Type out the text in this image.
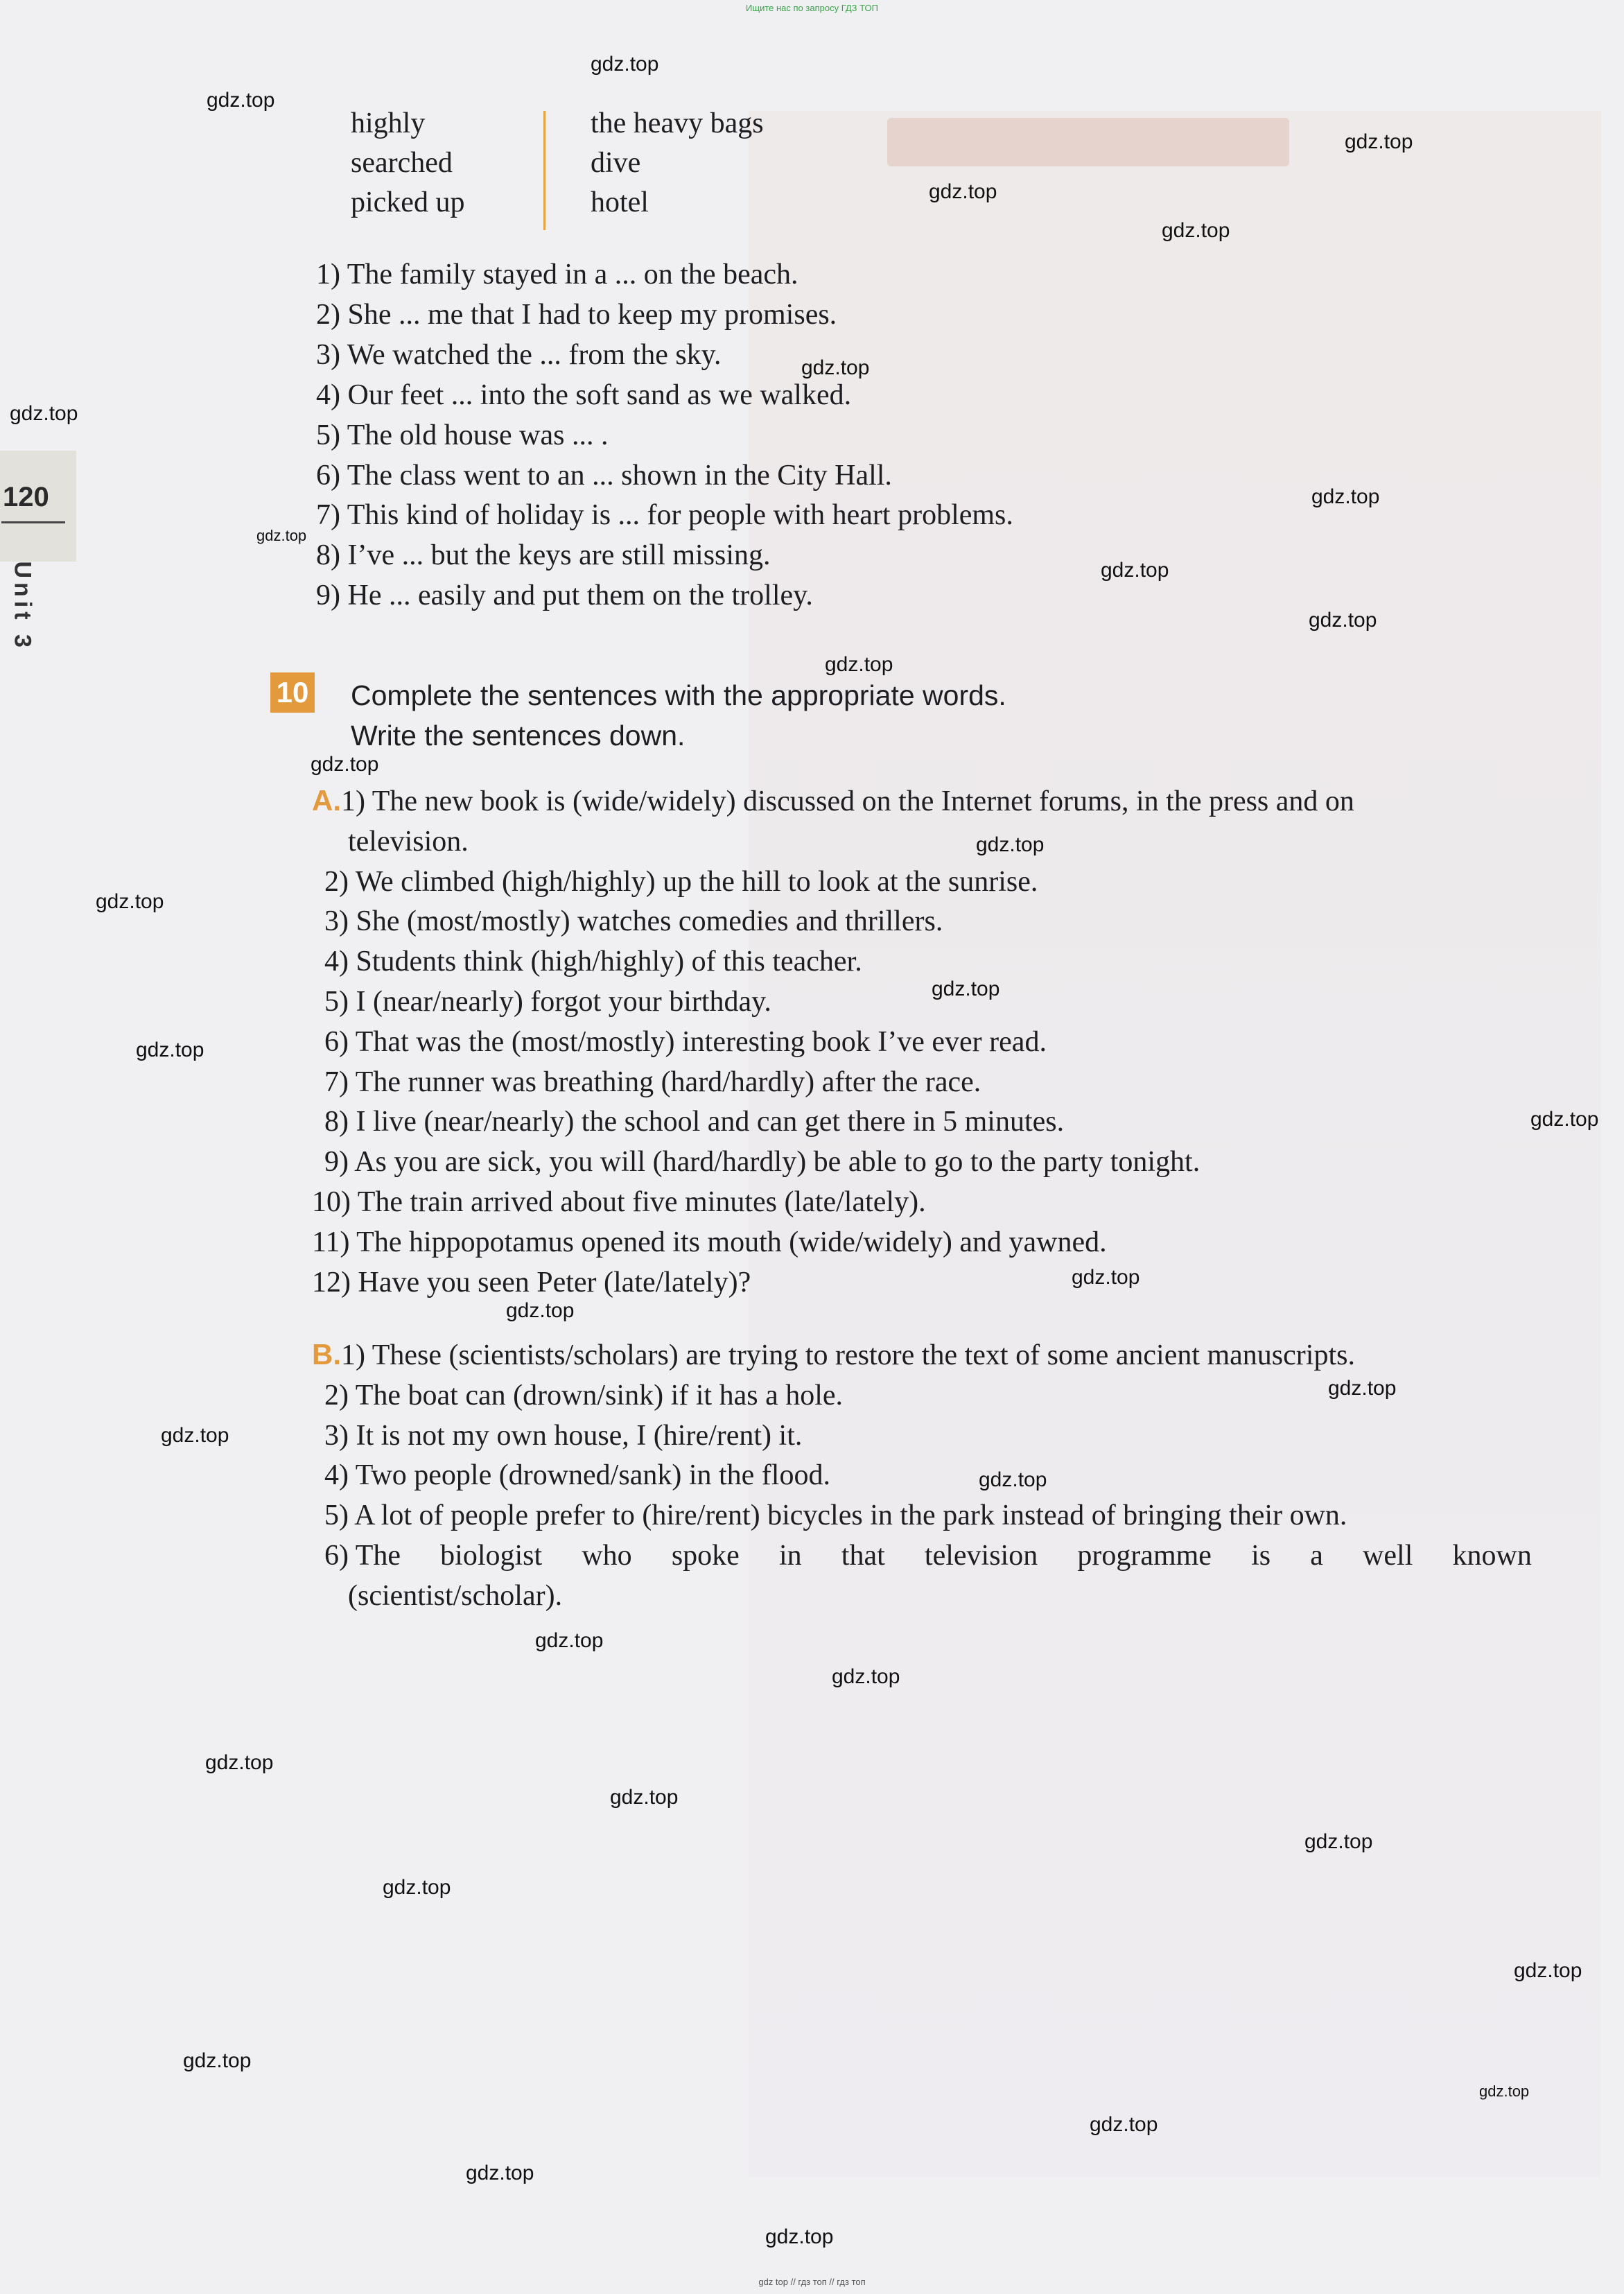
Ищите нас по запросу ГДЗ ТОП
120
Unit 3
highly
searched
picked up
the heavy bags
dive
hotel
1) The family stayed in a ... on the beach.
2) She ... me that I had to keep my promises.
3) We watched the ... from the sky.
4) Our feet ... into the soft sand as we walked.
5) The old house was ... .
6) The class went to an ... shown in the City Hall.
7) This kind of holiday is ... for people with heart problems.
8) I’ve ... but the keys are still missing.
9) He ... easily and put them on the trolley.
10 Complete the sentences with the appropriate words.
Write the sentences down.
A.1) The new book is (wide/widely) discussed on the Internet forums, in the press and on
television.
2) We climbed (high/highly) up the hill to look at the sunrise.
3) She (most/mostly) watches comedies and thrillers.
4) Students think (high/highly) of this teacher.
5) I (near/nearly) forgot your birthday.
6) That was the (most/mostly) interesting book I’ve ever read.
7) The runner was breathing (hard/hardly) after the race.
8) I live (near/nearly) the school and can get there in 5 minutes.
9) As you are sick, you will (hard/hardly) be able to go to the party tonight.
10) The train arrived about five minutes (late/lately).
11) The hippopotamus opened its mouth (wide/widely) and yawned.
12) Have you seen Peter (late/lately)?
B.1) These (scientists/scholars) are trying to restore the text of some ancient manuscripts.
2) The boat can (drown/sink) if it has a hole.
3) It is not my own house, I (hire/rent) it.
4) Two people (drowned/sank) in the flood.
5) A lot of people prefer to (hire/rent) bicycles in the park instead of bringing their own.
6) The biologist who spoke in that television programme is a well known
(scientist/scholar).
gdz.top
gdz.top
gdz.top
gdz.top
gdz.top
gdz.top
gdz.top
gdz.top
gdz.top
gdz.top
gdz.top
gdz.top
gdz.top
gdz.top
gdz.top
gdz.top
gdz.top
gdz.top
gdz.top
gdz.top
gdz.top
gdz.top
gdz.top
gdz.top
gdz.top
gdz.top
gdz.top
gdz.top
gdz.top
gdz.top
gdz.top
gdz.top
gdz.top
gdz.top
gdz.top
gdz top // гдз топ // гдз топ
